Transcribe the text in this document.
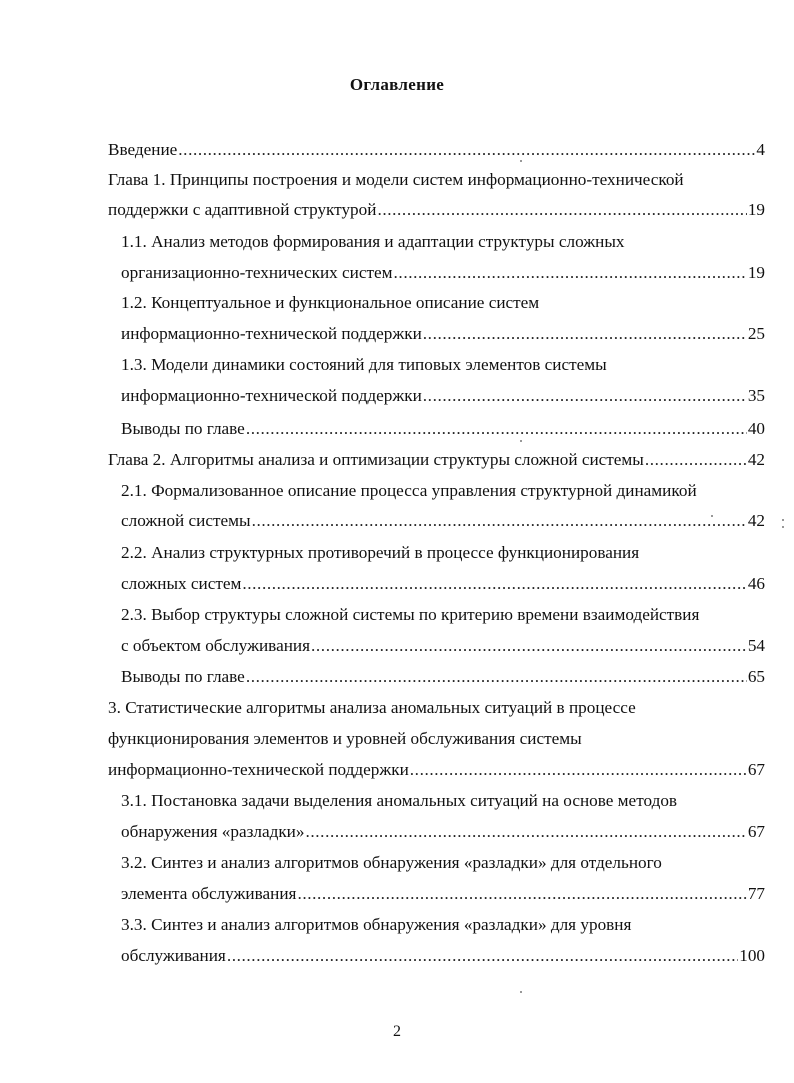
Оглавление
Введение .....	4
Глава 1. Принципы построения и модели систем информационно-технической
поддержки с адаптивной структурой .....	19
1.1. Анализ методов формирования и адаптации структуры сложных
организационно-технических систем .....	19
1.2. Концептуальное и функциональное описание систем
информационно-технической поддержки .....	25
1.3. Модели динамики состояний для типовых элементов системы
информационно-технической поддержки .....	35
Выводы по главе .....	40
Глава 2. Алгоритмы анализа и оптимизации структуры сложной системы .....	42
2.1. Формализованное описание процесса управления структурной динамикой
сложной системы .....	42
2.2. Анализ структурных противоречий в процессе функционирования
сложных систем .....	46
2.3. Выбор структуры сложной системы по критерию времени взаимодействия
с объектом обслуживания .....	54
Выводы по главе .....	65
3. Статистические алгоритмы анализа аномальных ситуаций в процессе
функционирования элементов и уровней обслуживания системы
информационно-технической поддержки .....	67
3.1. Постановка задачи выделения аномальных ситуаций на основе методов
обнаружения «разладки» .....	67
3.2. Синтез и анализ алгоритмов обнаружения «разладки» для отдельного
элемента обслуживания .....	77
3.3. Синтез и анализ алгоритмов обнаружения «разладки» для уровня
обслуживания .....	100
2
